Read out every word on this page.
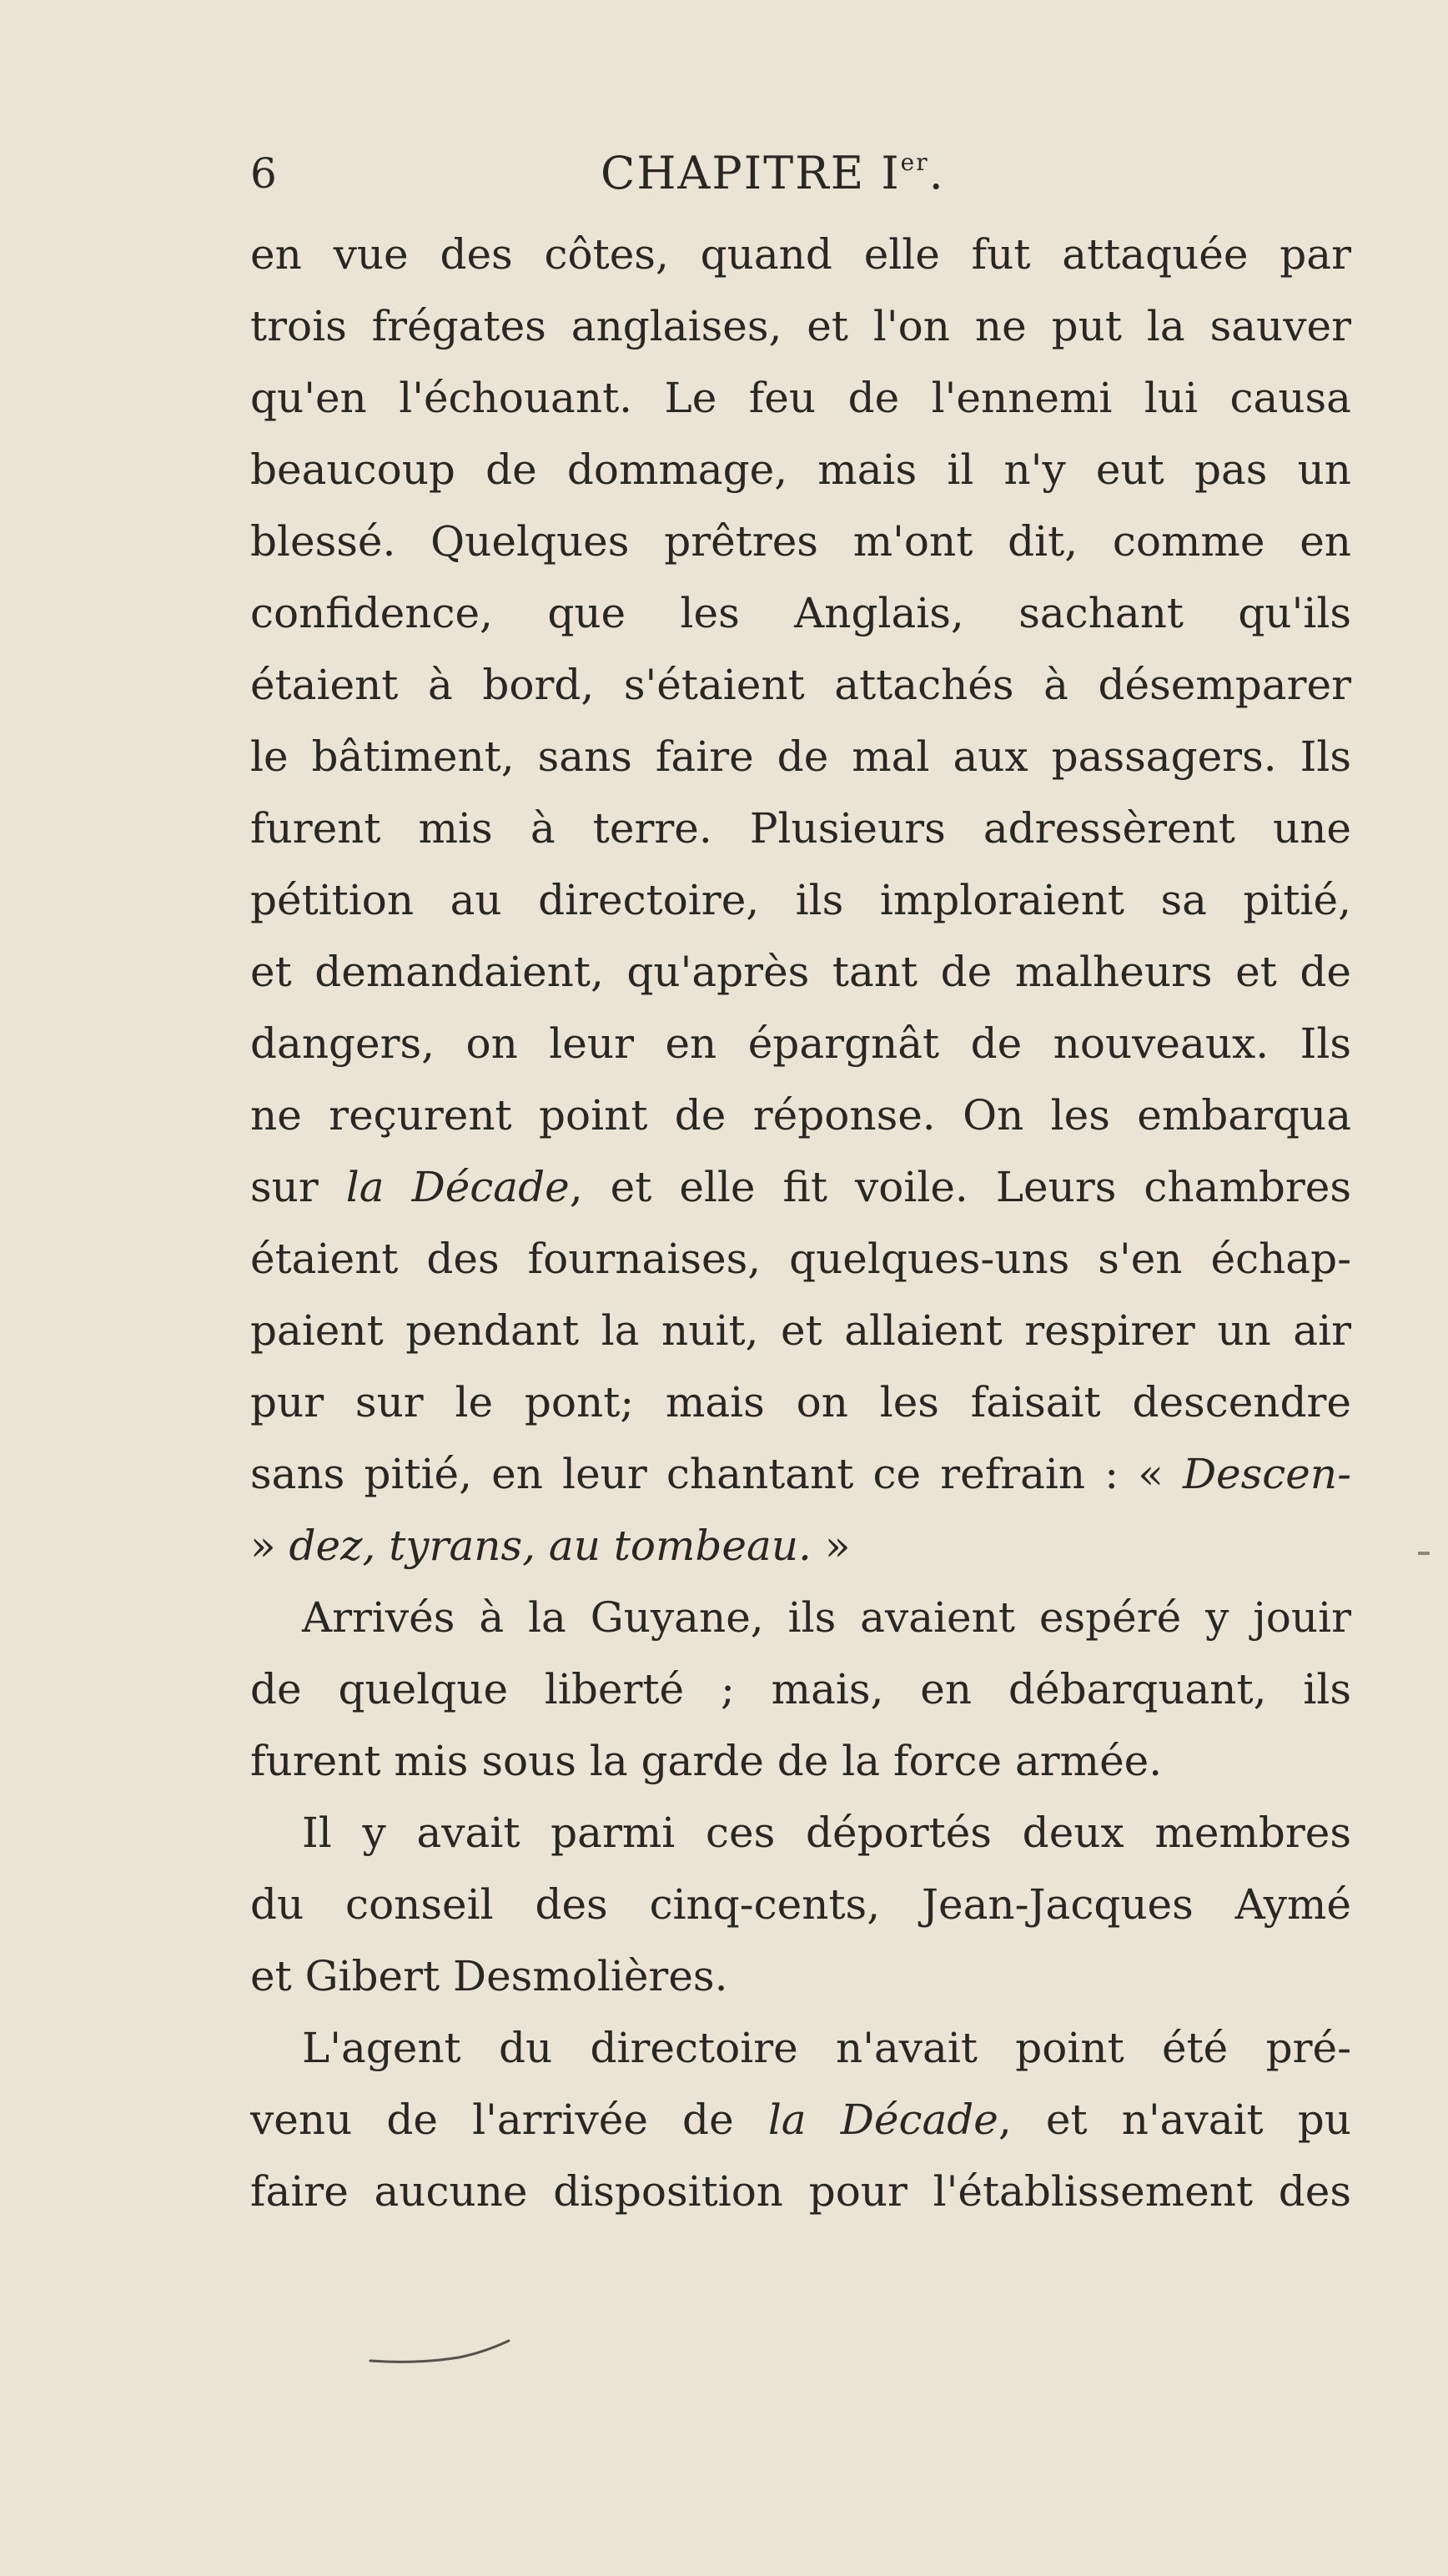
6	CHAPITRE Ier.
en vue des côtes, quand elle fut attaquée par
trois frégates anglaises, et l'on ne put la sauver
qu'en l'échouant. Le feu de l'ennemi lui causa
beaucoup de dommage, mais il n'y eut pas un
blessé. Quelques prêtres m'ont dit, comme en
confidence, que les Anglais, sachant qu'ils
étaient à bord, s'étaient attachés à désemparer
le bâtiment, sans faire de mal aux passagers. Ils
furent mis à terre. Plusieurs adressèrent une
pétition au directoire, ils imploraient sa pitié,
et demandaient, qu'après tant de malheurs et de
dangers, on leur en épargnât de nouveaux. Ils
ne reçurent point de réponse. On les embarqua
sur la Décade, et elle fit voile. Leurs chambres
étaient des fournaises, quelques-uns s'en échap-
paient pendant la nuit, et allaient respirer un air
pur sur le pont; mais on les faisait descendre
sans pitié, en leur chantant ce refrain : « Descen-
» dez, tyrans, au tombeau. »
Arrivés à la Guyane, ils avaient espéré y jouir
de quelque liberté ; mais, en débarquant, ils
furent mis sous la garde de la force armée.
Il y avait parmi ces déportés deux membres
du conseil des cinq-cents, Jean-Jacques Aymé
et Gibert Desmolières.
L'agent du directoire n'avait point été pré-
venu de l'arrivée de la Décade, et n'avait pu
faire aucune disposition pour l'établissement des
